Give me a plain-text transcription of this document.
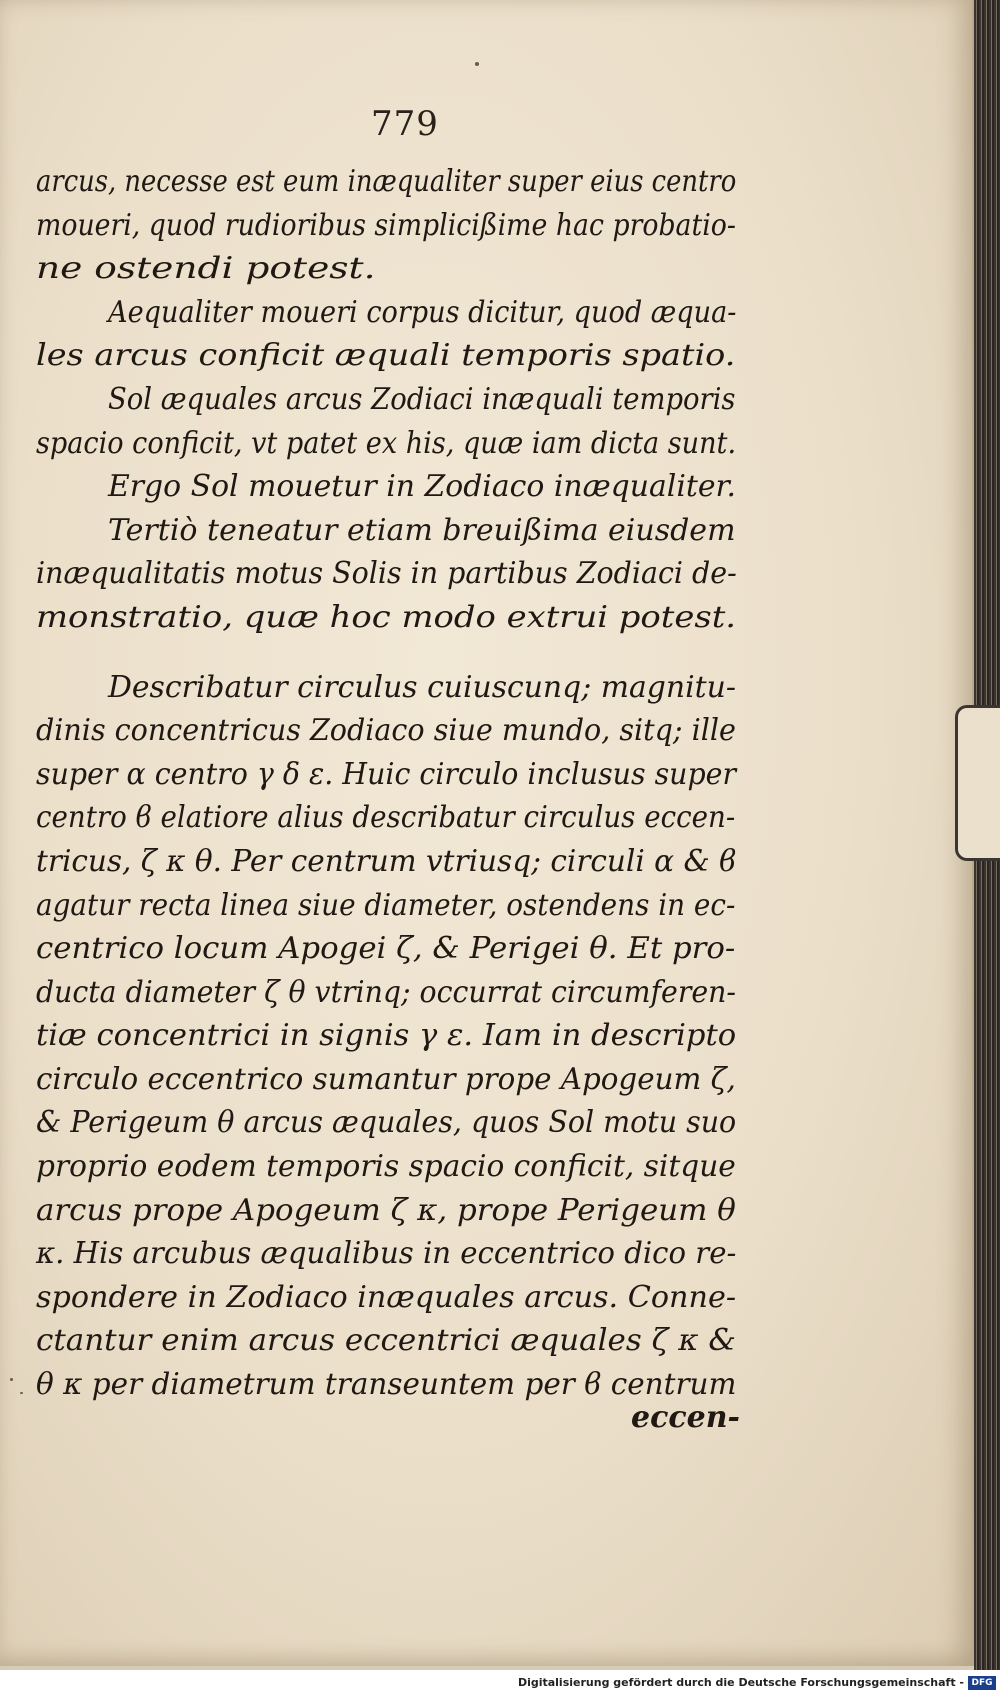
779
arcus, necesse est eum inæqualiter super eius centro
moueri, quod rudioribus simplicißime hac probatio-
ne ostendi potest.
Aequaliter moueri corpus dicitur, quod æqua-
les arcus conficit æquali temporis spatio.
Sol æquales arcus Zodiaci inæquali temporis
spacio conficit, vt patet ex his, quæ iam dicta sunt.
Ergo Sol mouetur in Zodiaco inæqualiter.
Tertiò teneatur etiam breuißima eiusdem
inæqualitatis motus Solis in partibus Zodiaci de-
monstratio, quæ hoc modo extrui potest.
Describatur circulus cuiuscunq; magnitu-
dinis concentricus Zodiaco siue mundo, sitq; ille
super α centro γ δ ε. Huic circulo inclusus super
centro ϐ elatiore alius describatur circulus eccen-
tricus, ζ κ θ. Per centrum vtriusq; circuli α & ϐ
agatur recta linea siue diameter, ostendens in ec-
centrico locum Apogei ζ, & Perigei θ. Et pro-
ducta diameter ζ θ vtrinq; occurrat circumferen-
tiæ concentrici in signis γ ε. Iam in descripto
circulo eccentrico sumantur prope Apogeum ζ,
& Perigeum θ arcus æquales, quos Sol motu suo
proprio eodem temporis spacio conficit, sitque
arcus prope Apogeum ζ κ, prope Perigeum θ
κ. His arcubus æqualibus in eccentrico dico re-
spondere in Zodiaco inæquales arcus. Conne-
ctantur enim arcus eccentrici æquales ζ κ &
θ κ per diametrum transeuntem per ϐ centrum
eccen-
Digitalisierung gefördert durch die Deutsche Forschungsgemeinschaft - DFG
